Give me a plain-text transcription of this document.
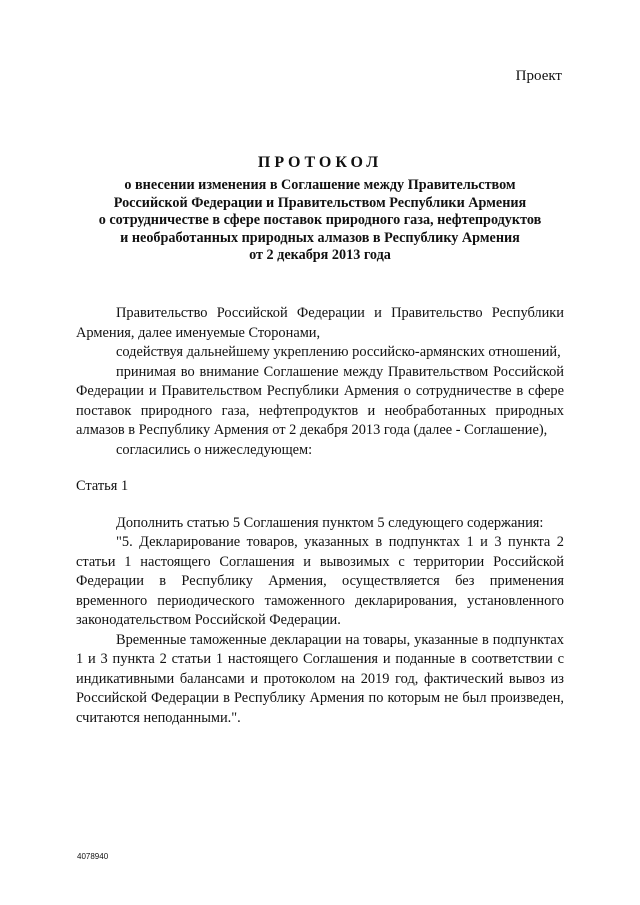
Проект
ПРОТОКОЛ
о внесении изменения в Соглашение между Правительством
Российской Федерации и Правительством Республики Армения
о сотрудничестве в сфере поставок природного газа, нефтепродуктов
и необработанных природных алмазов в Республику Армения
от 2 декабря 2013 года

Правительство Российской Федерации и Правительство Республики Армения, далее именуемые Сторонами,

содействуя дальнейшему укреплению российско-армянских отношений,

принимая во внимание Соглашение между Правительством Российской Федерации и Правительством Республики Армения о сотрудничестве в сфере поставок природного газа, нефтепродуктов и необработанных природных алмазов в Республику Армения от 2 декабря 2013 года (далее - Соглашение),

согласились о нижеследующем:

Статья 1

Дополнить статью 5 Соглашения пунктом 5 следующего содержания:

"5. Декларирование товаров, указанных в подпунктах 1 и 3 пункта 2 статьи 1 настоящего Соглашения и вывозимых с территории Российской Федерации в Республику Армения, осуществляется без применения временного периодического таможенного декларирования, установленного законодательством Российской Федерации.

Временные таможенные декларации на товары, указанные в подпунктах 1 и 3 пункта 2 статьи 1 настоящего Соглашения и поданные в соответствии с индикативными балансами и протоколом на 2019 год, фактический вывоз из Российской Федерации в Республику Армения по которым не был произведен, считаются неподанными.".

4078940
